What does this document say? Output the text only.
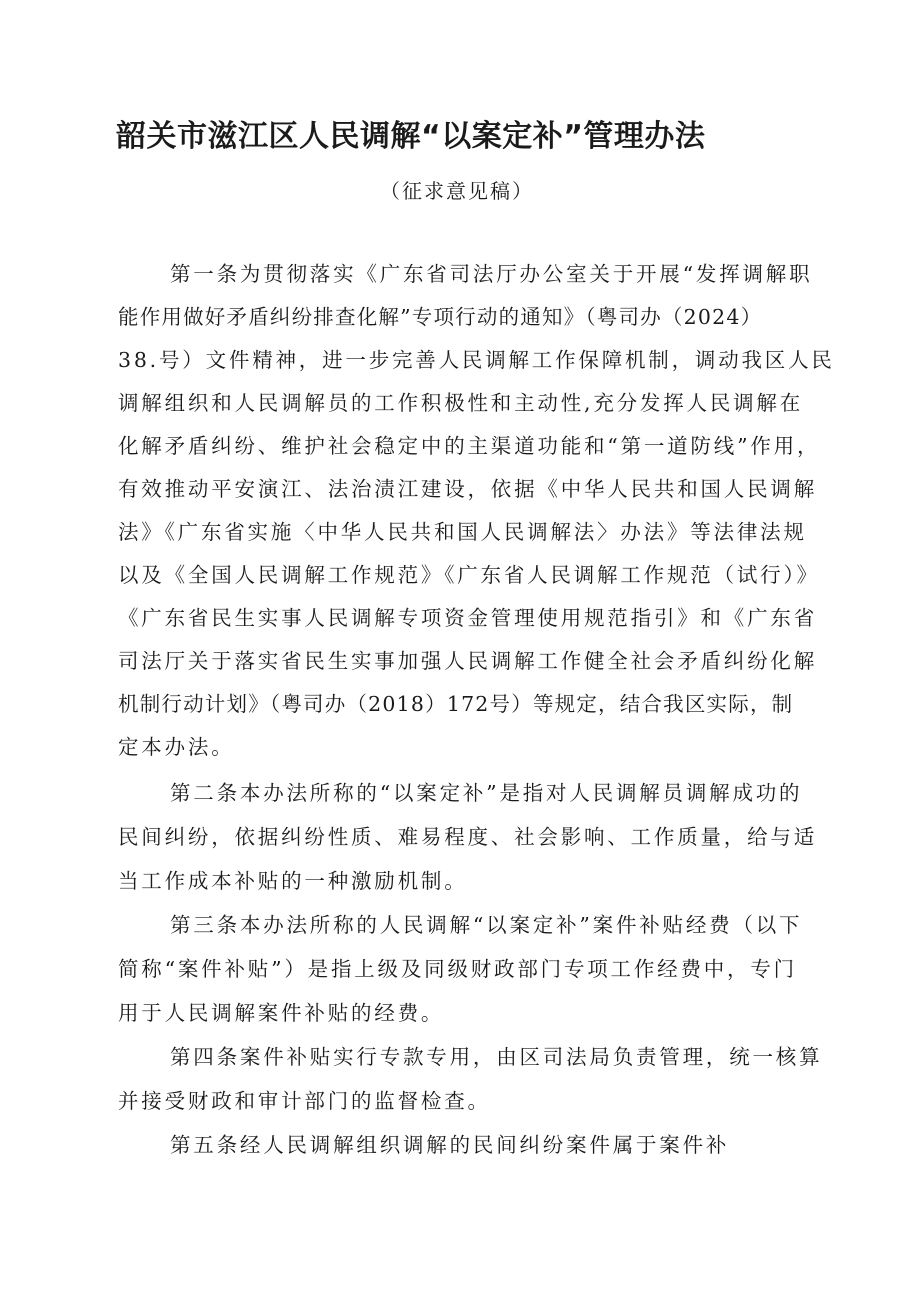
韶关市滋江区人民调解“以案定补”管理办法

（征求意见稿）

第一条为贯彻落实《广东省司法厅办公室关于开展“发挥调解职

能作用做好矛盾纠纷排查化解”专项行动的通知》（粤司办（2024）

38.号）文件精神，进一步完善人民调解工作保障机制，调动我区人民

调解组织和人民调解员的工作积极性和主动性,充分发挥人民调解在

化解矛盾纠纷、维护社会稳定中的主渠道功能和“第一道防线”作用，

有效推动平安演江、法治渍江建设，依据《中华人民共和国人民调解

法》《广东省实施〈中华人民共和国人民调解法〉办法》等法律法规

以及《全国人民调解工作规范》《广东省人民调解工作规范（试行）》

《广东省民生实事人民调解专项资金管理使用规范指引》和《广东省

司法厅关于落实省民生实事加强人民调解工作健全社会矛盾纠纷化解

机制行动计划》（粤司办（2018）172号）等规定，结合我区实际，制

定本办法。

第二条本办法所称的“以案定补”是指对人民调解员调解成功的

民间纠纷，依据纠纷性质、难易程度、社会影响、工作质量，给与适

当工作成本补贴的一种激励机制。

第三条本办法所称的人民调解“以案定补”案件补贴经费（以下

简称“案件补贴”）是指上级及同级财政部门专项工作经费中，专门

用于人民调解案件补贴的经费。

第四条案件补贴实行专款专用，由区司法局负责管理，统一核算

并接受财政和审计部门的监督检查。

第五条经人民调解组织调解的民间纠纷案件属于案件补
